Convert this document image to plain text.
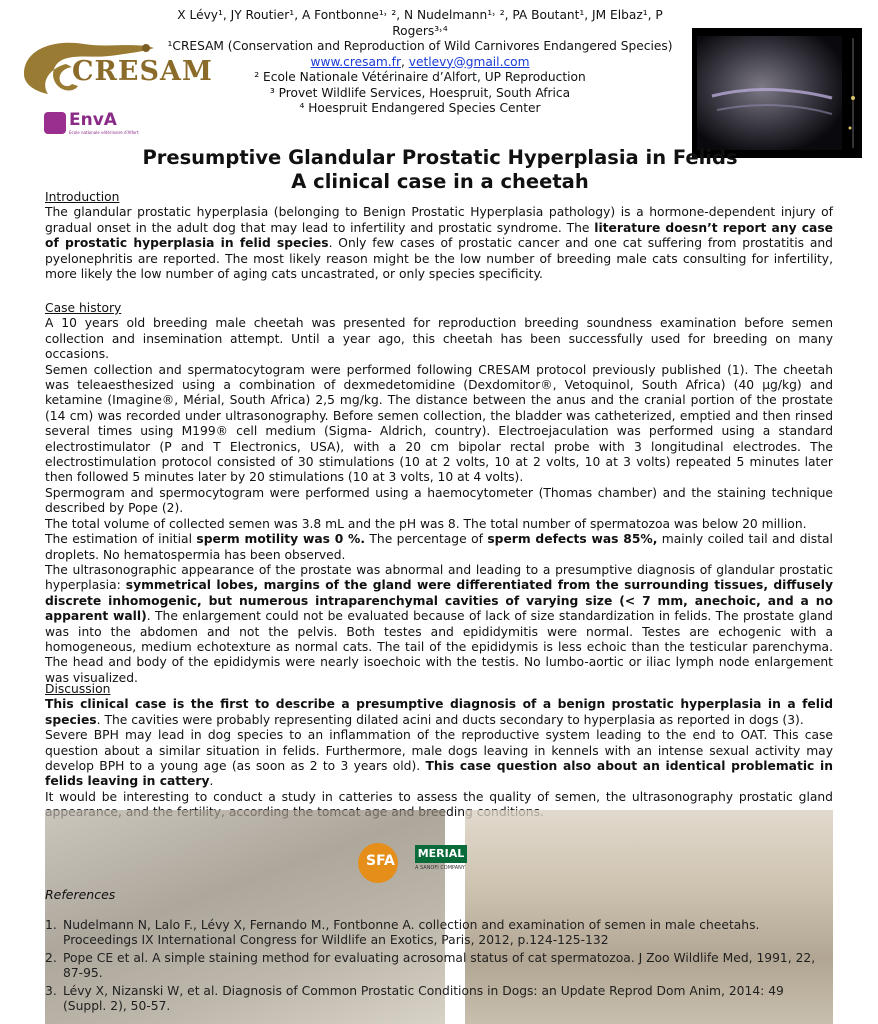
CRESAM
EnvA
Ecole nationale vétérinaire d'Alfort
X Lévy¹, JY Routier¹, A Fontbonne¹˒ ², N Nudelmann¹˒ ², PA Boutant¹, JM Elbaz¹, P
Rogers³˒⁴
¹CRESAM (Conservation and Reproduction of Wild Carnivores Endangered Species)
www.cresam.fr, vetlevy@gmail.com
² Ecole Nationale Vétérinaire d’Alfort, UP Reproduction
³ Provet Wildlife Services, Hoespruit, South Africa
⁴ Hoespruit Endangered Species Center
Presumptive Glandular Prostatic Hyperplasia in Felids
A clinical case in a cheetah
Introduction
The glandular prostatic hyperplasia (belonging to Benign Prostatic Hyperplasia pathology) is a hormone-dependent injury of gradual onset in the adult dog that may lead to infertility and prostatic syndrome. The literature doesn’t report any case of prostatic hyperplasia in felid species. Only few cases of prostatic cancer and one cat suffering from prostatitis and pyelonephritis are reported. The most likely reason might be the low number of breeding male cats consulting for infertility, more likely the low number of aging cats uncastrated, or only species specificity.
Case history
A 10 years old breeding male cheetah was presented for reproduction breeding soundness examination before semen collection and insemination attempt. Until a year ago, this cheetah has been successfully used for breeding on many occasions.
Semen collection and spermatocytogram were performed following CRESAM protocol previously published (1). The cheetah was teleaesthesized using a combination of dexmedetomidine (Dexdomitor®, Vetoquinol, South Africa) (40 µg/kg) and ketamine (Imagine®, Mérial, South Africa) 2,5 mg/kg. The distance between the anus and the cranial portion of the prostate (14 cm) was recorded under ultrasonography. Before semen collection, the bladder was catheterized, emptied and then rinsed several times using M199® cell medium (Sigma- Aldrich, country). Electroejaculation was performed using a standard electrostimulator (P and T Electronics, USA), with a 20 cm bipolar rectal probe with 3 longitudinal electrodes. The electrostimulation protocol consisted of 30 stimulations (10 at 2 volts, 10 at 2 volts, 10 at 3 volts) repeated 5 minutes later then followed 5 minutes later by 20 stimulations (10 at 3 volts, 10 at 4 volts).
Spermogram and spermocytogram were performed using a haemocytometer (Thomas chamber) and the staining technique described by Pope (2).
The total volume of collected semen was 3.8 mL and the pH was 8. The total number of spermatozoa was below 20 million.
The estimation of initial sperm motility was 0 %. The percentage of sperm defects was 85%, mainly coiled tail and distal droplets. No hematospermia has been observed.
The ultrasonographic appearance of the prostate was abnormal and leading to a presumptive diagnosis of glandular prostatic hyperplasia: symmetrical lobes, margins of the gland were differentiated from the surrounding tissues, diffusely discrete inhomogenic, but numerous intraparenchymal cavities of varying size (< 7 mm, anechoic, and a no apparent wall). The enlargement could not be evaluated because of lack of size standardization in felids. The prostate gland was into the abdomen and not the pelvis. Both testes and epididymitis were normal. Testes are echogenic with a homogeneous, medium echotexture as normal cats. The tail of the epididymis is less echoic than the testicular parenchyma. The head and body of the epididymis were nearly isoechoic with the testis. No lumbo-aortic or iliac lymph node enlargement was visualized.
Discussion
This clinical case is the first to describe a presumptive diagnosis of a benign prostatic hyperplasia in a felid species. The cavities were probably representing dilated acini and ducts secondary to hyperplasia as reported in dogs (3).
Severe BPH may lead in dog species to an inflammation of the reproductive system leading to the end to OAT. This case question about a similar situation in felids. Furthermore, male dogs leaving in kennels with an intense sexual activity may develop BPH to a young age (as soon as 2 to 3 years old). This case question also about an identical problematic in felids leaving in cattery.
It would be interesting to conduct a study in catteries to assess the quality of semen, the ultrasonography prostatic gland breeding
SFA MERIAL
A SANOFI COMPANY
References
1. Nudelmann N, Lalo F., Lévy X, Fernando M., Fontbonne A. collection and examination of semen in male cheetahs. Proceedings IX International Congress for Wildlife an Exotics, Paris, 2012, p.124-125-132
2. Pope CE et al. A simple staining method for evaluating acrosomal status of cat spermatozoa. J Zoo Wildlife Med, 1991, 22, 87-95.
3. Lévy X, Nizanski W, et al. Diagnosis of Common Prostatic Conditions in Dogs: an Update Reprod Dom Anim, 2014: 49 (Suppl. 2), 50-57.
